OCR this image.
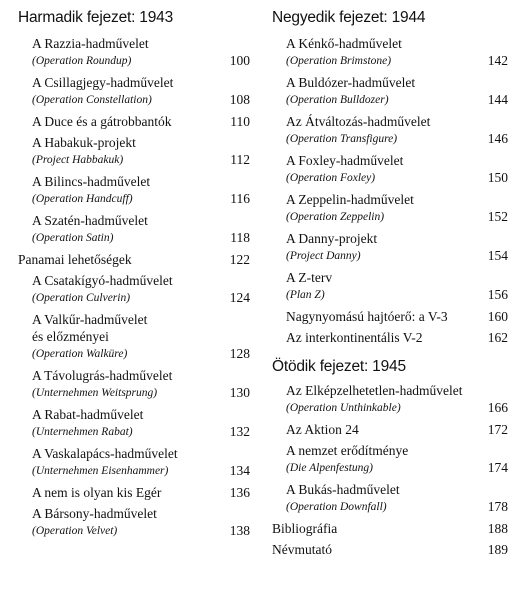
Harmadik fejezet: 1943
A Razzia-hadművelet
(Operation Roundup)	100
A Csillagjegy-hadművelet
(Operation Constellation)	108
A Duce és a gátrobbantók	110
A Habakuk-projekt
(Project Habbakuk)	112
A Bilincs-hadművelet
(Operation Handcuff)	116
A Szatén-hadművelet
(Operation Satin)	118
Panamai lehetőségek	122
A Csatakígyó-hadművelet
(Operation Culverin)	124
A Valkűr-hadművelet
és előzményei
(Operation Walküre)	128
A Távolugrás-hadművelet
(Unternehmen Weitsprung)	130
A Rabat-hadművelet
(Unternehmen Rabat)	132
A Vaskalapács-hadművelet
(Unternehmen Eisenhammer)	134
A nem is olyan kis Egér	136
A Bársony-hadművelet
(Operation Velvet)	138
Negyedik fejezet: 1944
A Kénkő-hadművelet
(Operation Brimstone)	142
A Buldózer-hadművelet
(Operation Bulldozer)	144
Az Átváltozás-hadművelet
(Operation Transfigure)	146
A Foxley-hadművelet
(Operation Foxley)	150
A Zeppelin-hadművelet
(Operation Zeppelin)	152
A Danny-projekt
(Project Danny)	154
A Z-terv
(Plan Z)	156
Nagynyomású hajtóerő: a V-3	160
Az interkontinentális V-2	162
Ötödik fejezet: 1945
Az Elképzelhetetlen-hadművelet
(Operation Unthinkable)	166
Az Aktion 24	172
A nemzet erődítménye
(Die Alpenfestung)	174
A Bukás-hadművelet
(Operation Downfall)	178
Bibliográfia	188
Névmutató	189
